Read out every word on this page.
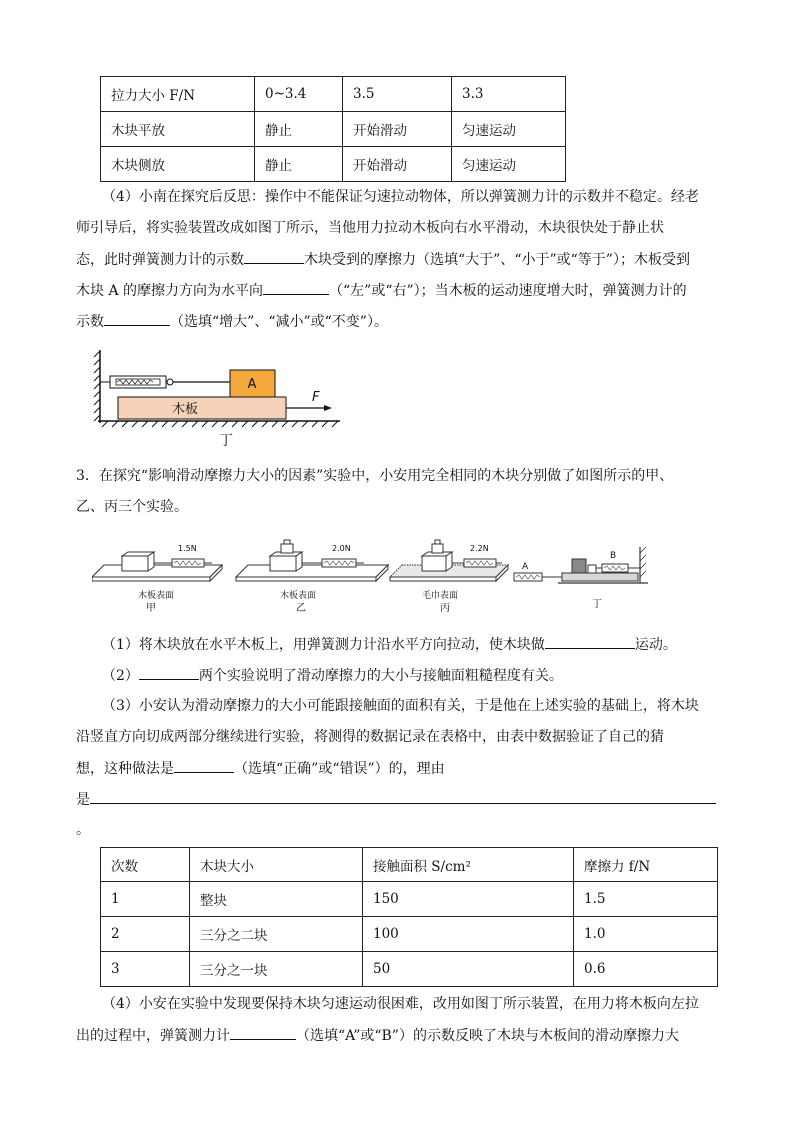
拉力大小 F/N	0~3.4	3.5	3.3
木块平放	静止	开始滑动	匀速运动
木块侧放	静止	开始滑动	匀速运动
（4）小南在探究后反思：操作中不能保证匀速拉动物体，所以弹簧测力计的示数并不稳定。经老
师引导后，将实验装置改成如图丁所示，当他用力拉动木板向右水平滑动，木块很快处于静止状
态，此时弹簧测力计的示数	木块受到的摩擦力（选填“大于”、“小于”或“等于”）；木板受到
木块 A 的摩擦力方向为水平向	（“左”或“右”）；当木板的运动速度增大时，弹簧测力计的
示数	（选填“增大”、“减小”或“不变”）。
A
木板
F
丁
3．在探究“影响滑动摩擦力大小的因素”实验中，小安用完全相同的木块分别做了如图所示的甲、
乙、丙三个实验。
1.5N
木板表面
甲
2.0N
木板表面
乙
2.2N
毛巾表面
丙
A
B
丁
（1）将木块放在水平木板上，用弹簧测力计沿水平方向拉动，使木块做	运动。
（2）	两个实验说明了滑动摩擦力的大小与接触面粗糙程度有关。
（3）小安认为滑动摩擦力的大小可能跟接触面的面积有关，于是他在上述实验的基础上，将木块
沿竖直方向切成两部分继续进行实验，将测得的数据记录在表格中，由表中数据验证了自己的猜
想，这种做法是	（选填“正确”或“错误”）的，理由
是
。
次数	木块大小	接触面积 S/cm²	摩擦力 f/N
1	整块	150	1.5
2	三分之二块	100	1.0
3	三分之一块	50	0.6
（4）小安在实验中发现要保持木块匀速运动很困难，改用如图丁所示装置，在用力将木板向左拉
出的过程中，弹簧测力计	（选填“A”或“B”）的示数反映了木块与木板间的滑动摩擦力大
